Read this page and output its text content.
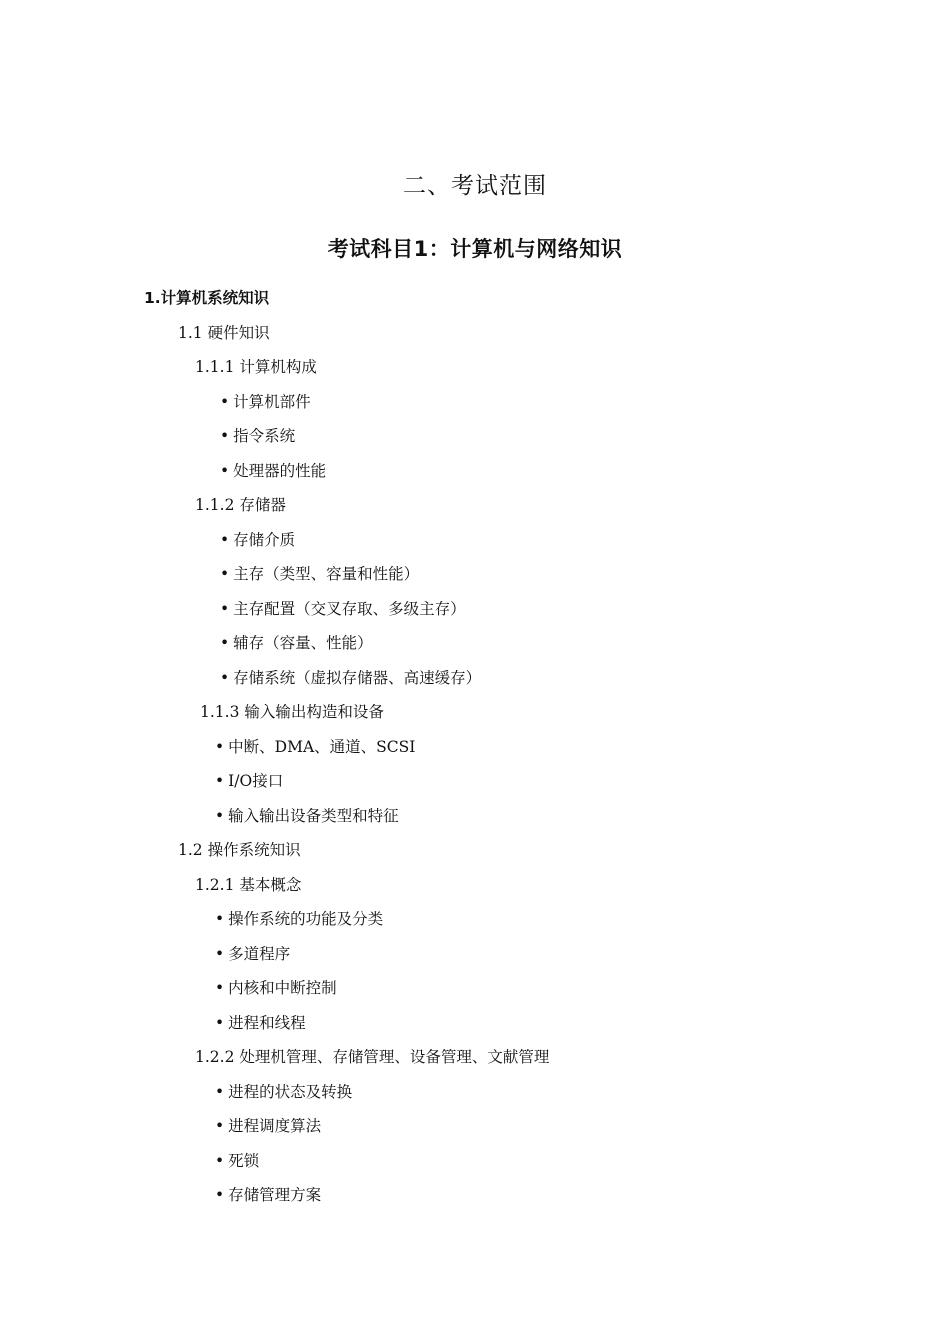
二、考试范围
考试科目1：计算机与网络知识
1.计算机系统知识
1.1 硬件知识
1.1.1 计算机构成
• 计算机部件
• 指令系统
• 处理器的性能
1.1.2 存储器
• 存储介质
• 主存（类型、容量和性能）
• 主存配置（交叉存取、多级主存）
• 辅存（容量、性能）
• 存储系统（虚拟存储器、高速缓存）
1.1.3 输入输出构造和设备
• 中断、DMA、通道、SCSI
• I/O接口
• 输入输出设备类型和特征
1.2 操作系统知识
1.2.1 基本概念
• 操作系统的功能及分类
• 多道程序
• 内核和中断控制
• 进程和线程
1.2.2 处理机管理、存储管理、设备管理、文献管理
• 进程的状态及转换
• 进程调度算法
• 死锁
• 存储管理方案
